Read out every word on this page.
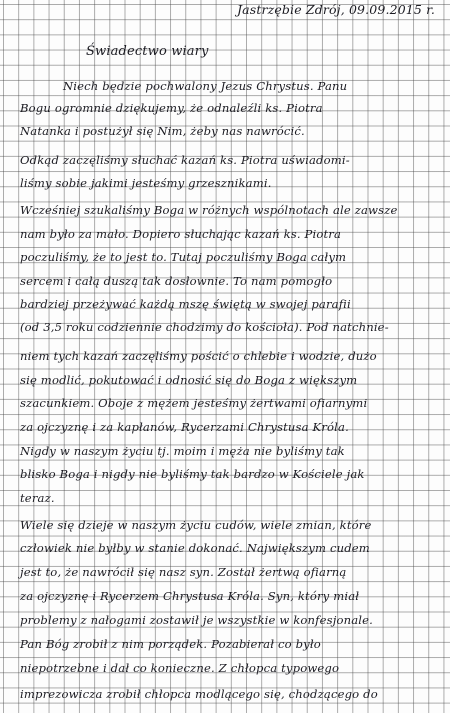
Jastrzębie Zdrój, 09.09.2015 r.
Świadectwo wiary
Niech będzie pochwalony Jezus Chrystus. Panu
Bogu ogromnie dziękujemy, że odnaleźli ks. Piotra
Natanka i postużył się Nim, żeby nas nawrócić.
Odkąd zaczęliśmy słuchać kazań ks. Piotra uświadomi-
liśmy sobie jakimi jesteśmy grzesznikami.
Wcześniej szukaliśmy Boga w różnych wspólnotach ale zawsze
nam było za mało. Dopiero słuchając kazań ks. Piotra
poczuliśmy, że to jest to. Tutaj poczuliśmy Boga całym
sercem i całą duszą tak dosłownie. To nam pomogło
bardziej przeżywać każdą mszę świętą w swojej parafii
(od 3,5 roku codziennie chodzimy do kościoła). Pod natchnie-
niem tych kazań zaczęliśmy pościć o chlebie i wodzie, dużo
się modlić, pokutować i odnosić się do Boga z większym
szacunkiem. Oboje z mężem jesteśmy żertwami ofiarnymi
za ojczyznę i za kapłanów, Rycerzami Chrystusa Króla.
Nigdy w naszym życiu tj. moim i męża nie byliśmy tak
blisko Boga i nigdy nie byliśmy tak bardzo w Kościele jak
teraz.
Wiele się dzieje w naszym życiu cudów, wiele zmian, które
człowiek nie byłby w stanie dokonać. Największym cudem
jest to, że nawrócił się nasz syn. Został żertwą ofiarną
za ojczyznę i Rycerzem Chrystusa Króla. Syn, który miał
problemy z nałogami zostawił je wszystkie w konfesjonale.
Pan Bóg zrobił z nim porządek. Pozabierał co było
niepotrzebne i dał co konieczne. Z chłopca typowego
imprezowicza zrobił chłopca modlącego się, chodzącego do
